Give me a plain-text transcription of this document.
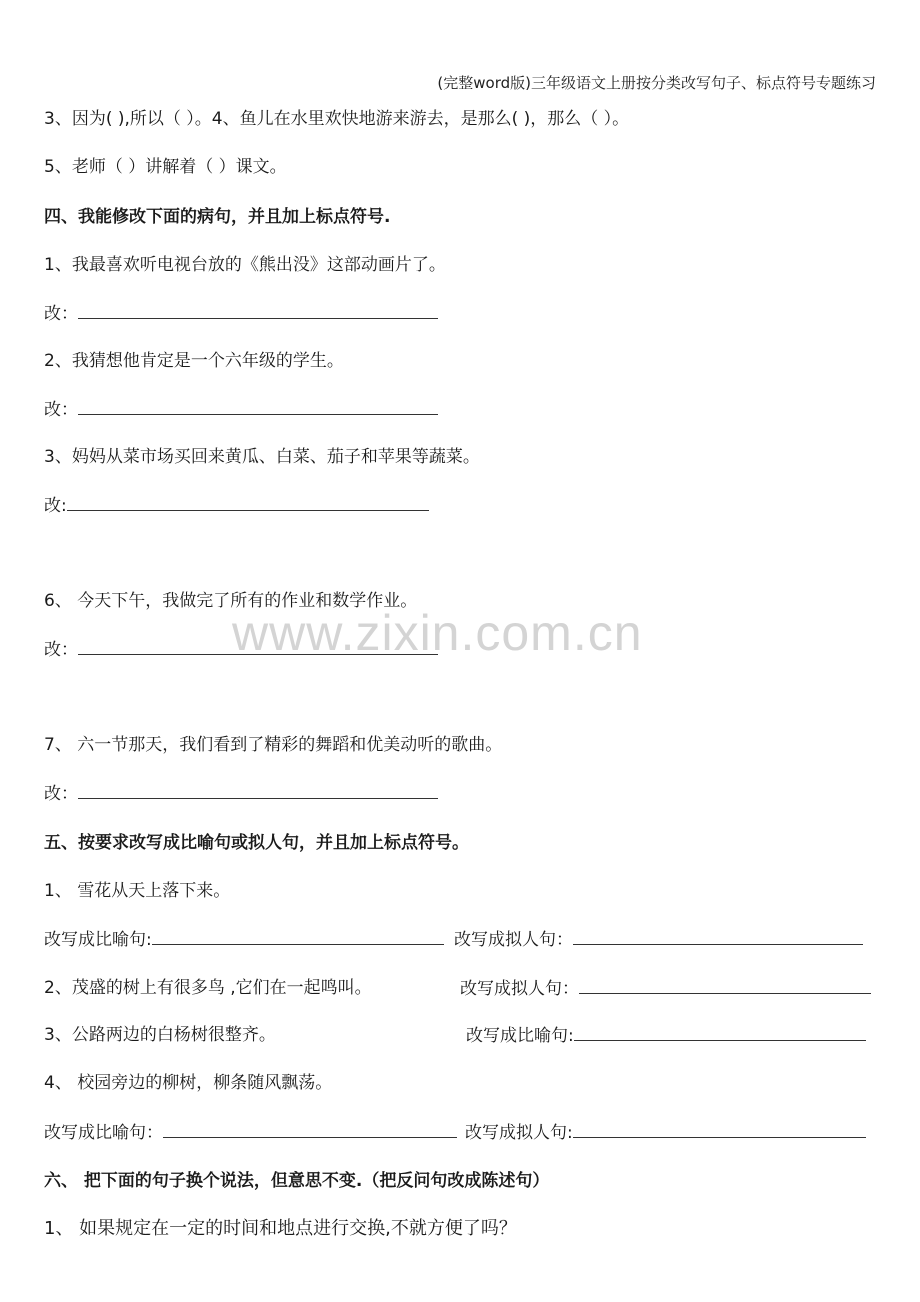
(完整word版)三年级语文上册按分类改写句子、标点符号专题练习
3、因为( ),所以（ ）。4、鱼儿在水里欢快地游来游去，是那么( )，那么（ ）。
5、老师（ ）讲解着（ ）课文。
四、我能修改下面的病句，并且加上标点符号.
1、我最喜欢听电视台放的《熊出没》这部动画片了。
改：
2、我猜想他肯定是一个六年级的学生。
改：
3、妈妈从菜市场买回来黄瓜、白菜、茄子和苹果等蔬菜。
改:
6、 今天下午，我做完了所有的作业和数学作业。
改：
7、 六一节那天，我们看到了精彩的舞蹈和优美动听的歌曲。
改：
五、按要求改写成比喻句或拟人句，并且加上标点符号。
1、 雪花从天上落下来。
改写成比喻句:	改写成拟人句：
2、茂盛的树上有很多鸟 ,它们在一起鸣叫。	改写成拟人句：
3、公路两边的白杨树很整齐。	改写成比喻句:
4、 校园旁边的柳树，柳条随风飘荡。
改写成比喻句：	改写成拟人句:
六、 把下面的句子换个说法，但意思不变.（把反问句改成陈述句）
1、 如果规定在一定的时间和地点进行交换,不就方便了吗？
www.zixin.com.cn
